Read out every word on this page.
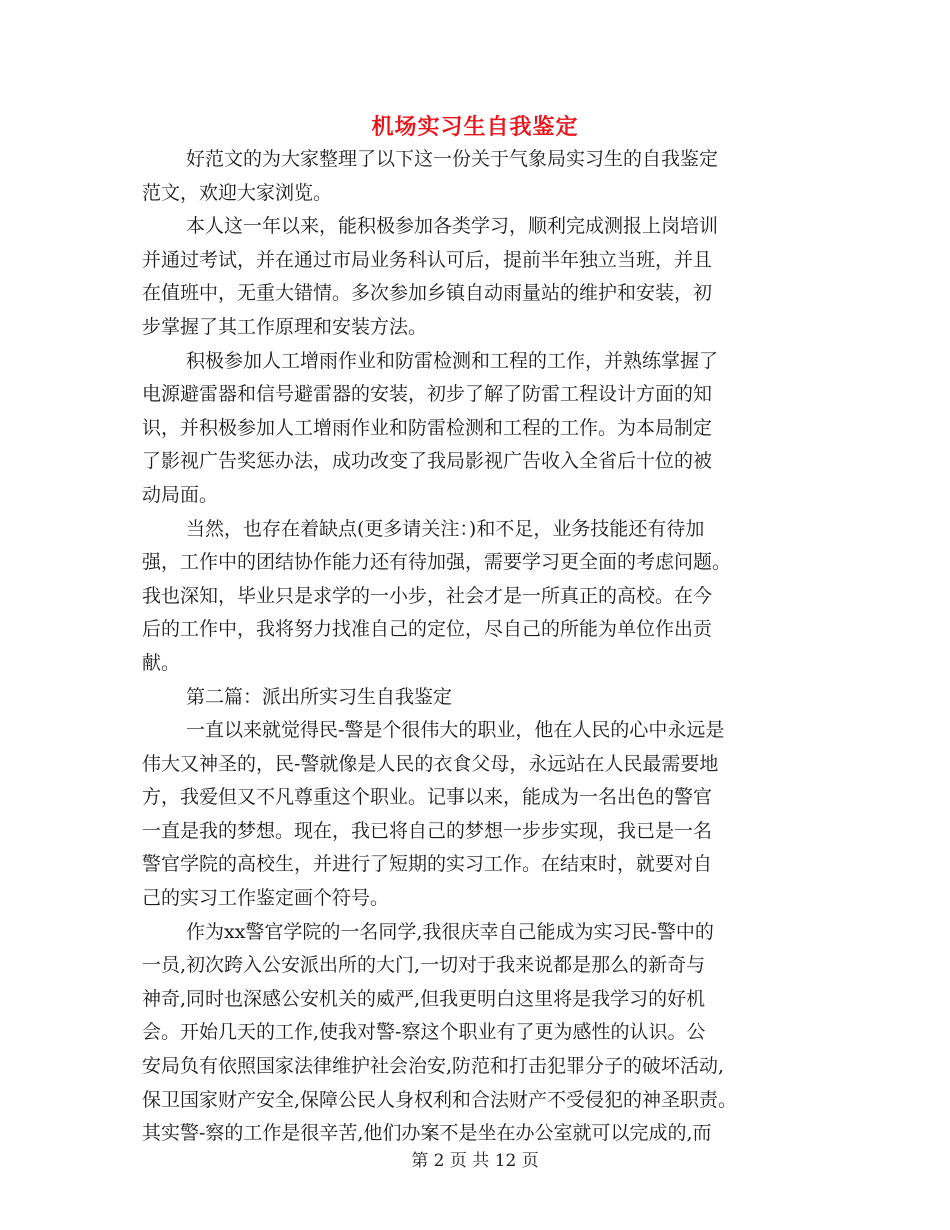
机场实习生自我鉴定

好范文的为大家整理了以下这一份关于气象局实习生的自我鉴定

范文，欢迎大家浏览。

本人这一年以来，能积极参加各类学习，顺利完成测报上岗培训

并通过考试，并在通过市局业务科认可后，提前半年独立当班，并且

在值班中，无重大错情。多次参加乡镇自动雨量站的维护和安装，初

步掌握了其工作原理和安装方法。

积极参加人工增雨作业和防雷检测和工程的工作，并熟练掌握了

电源避雷器和信号避雷器的安装，初步了解了防雷工程设计方面的知

识，并积极参加人工增雨作业和防雷检测和工程的工作。为本局制定

了影视广告奖惩办法，成功改变了我局影视广告收入全省后十位的被

动局面。

当然，也存在着缺点(更多请关注：)和不足，业务技能还有待加

强，工作中的团结协作能力还有待加强，需要学习更全面的考虑问题。

我也深知，毕业只是求学的一小步，社会才是一所真正的高校。在今

后的工作中，我将努力找准自己的定位，尽自己的所能为单位作出贡

献。

第二篇：派出所实习生自我鉴定

一直以来就觉得民-警是个很伟大的职业，他在人民的心中永远是

伟大又神圣的，民-警就像是人民的衣食父母，永远站在人民最需要地

方，我爱但又不凡尊重这个职业。记事以来，能成为一名出色的警官

一直是我的梦想。现在，我已将自己的梦想一步步实现，我已是一名

警官学院的高校生，并进行了短期的实习工作。在结束时，就要对自

己的实习工作鉴定画个符号。

作为xx警官学院的一名同学,我很庆幸自己能成为实习民-警中的

一员,初次跨入公安派出所的大门,一切对于我来说都是那么的新奇与

神奇,同时也深感公安机关的威严,但我更明白这里将是我学习的好机

会。开始几天的工作,使我对警-察这个职业有了更为感性的认识。公

安局负有依照国家法律维护社会治安,防范和打击犯罪分子的破坏活动,

保卫国家财产安全,保障公民人身权利和合法财产不受侵犯的神圣职责。

其实警-察的工作是很辛苦,他们办案不是坐在办公室就可以完成的,而

第 2 页 共 12 页
